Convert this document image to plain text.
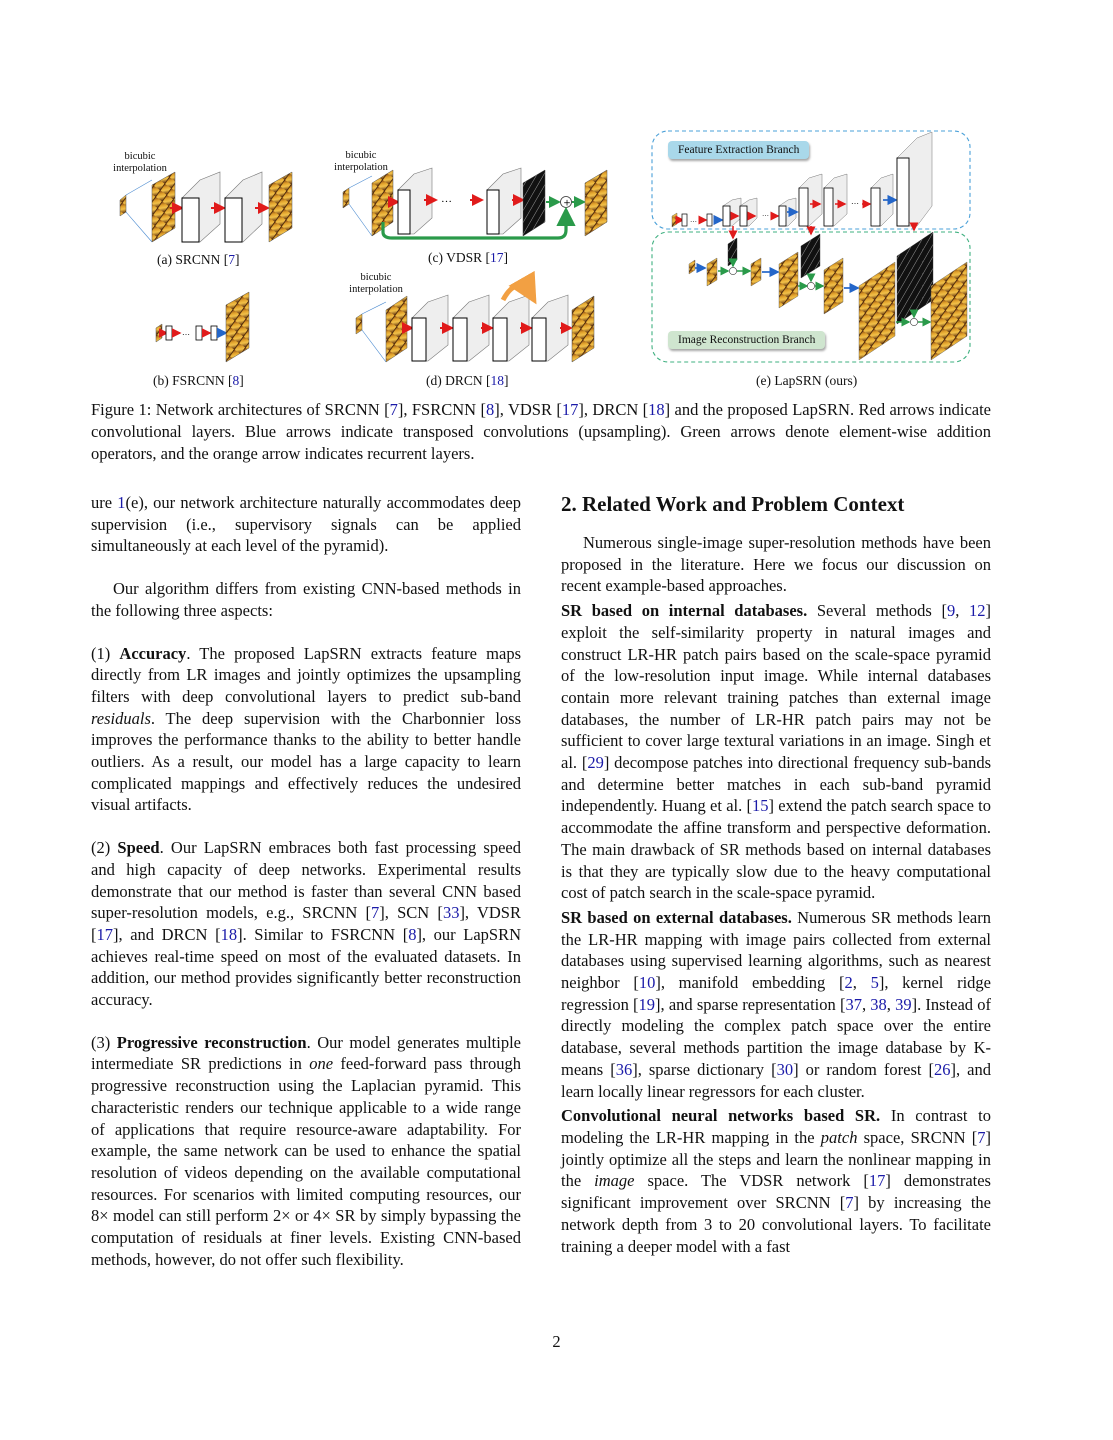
…
…	+
…
…
…
bicubic
interpolation
bicubic
interpolation
bicubic
interpolation
Feature Extraction Branch
Image Reconstruction Branch
(a) SRCNN [7]	(c) VDSR [17]
(b) FSRCNN [8]	(d) DRCN [18]	(e) LapSRN (ours)
Figure 1: Network architectures of SRCNN [7], FSRCNN [8], VDSR [17], DRCN [18] and the proposed LapSRN. Red arrows indicate convolutional layers. Blue arrows indicate transposed convolutions (upsampling). Green arrows denote element-wise addition operators, and the orange arrow indicates recurrent layers.

ure 1(e), our network architecture naturally accommodates deep supervision (i.e., supervisory signals can be applied simultaneously at each level of the pyramid).

Our algorithm differs from existing CNN-based methods in the following three aspects:

(1) Accuracy. The proposed LapSRN extracts feature maps directly from LR images and jointly optimizes the upsampling filters with deep convolutional layers to predict sub-band residuals. The deep supervision with the Charbonnier loss improves the performance thanks to the ability to better handle outliers. As a result, our model has a large capacity to learn complicated mappings and effectively reduces the undesired visual artifacts.

(2) Speed. Our LapSRN embraces both fast processing speed and high capacity of deep networks. Experimental results demonstrate that our method is faster than several CNN based super-resolution models, e.g., SRCNN [7], SCN [33], VDSR [17], and DRCN [18]. Similar to FSRCNN [8], our LapSRN achieves real-time speed on most of the evaluated datasets. In addition, our method provides significantly better reconstruction accuracy.

(3) Progressive reconstruction. Our model generates multiple intermediate SR predictions in one feed-forward pass through progressive reconstruction using the Laplacian pyramid. This characteristic renders our technique applicable to a wide range of applications that require resource-aware adaptability. For example, the same network can be used to enhance the spatial resolution of videos depending on the available computational resources. For scenarios with limited computing resources, our 8× model can still perform 2× or 4× SR by simply bypassing the computation of residuals at finer levels. Existing CNN-based methods, however, do not offer such flexibility.

2. Related Work and Problem Context

Numerous single-image super-resolution methods have been proposed in the literature. Here we focus our discussion on recent example-based approaches.

SR based on internal databases. Several methods [9, 12] exploit the self-similarity property in natural images and construct LR-HR patch pairs based on the scale-space pyramid of the low-resolution input image. While internal databases contain more relevant training patches than external image databases, the number of LR-HR patch pairs may not be sufficient to cover large textural variations in an image. Singh et al. [29] decompose patches into directional frequency sub-bands and determine better matches in each sub-band pyramid independently. Huang et al. [15] extend the patch search space to accommodate the affine transform and perspective deformation. The main drawback of SR methods based on internal databases is that they are typically slow due to the heavy computational cost of patch search in the scale-space pyramid.

SR based on external databases. Numerous SR methods learn the LR-HR mapping with image pairs collected from external databases using supervised learning algorithms, such as nearest neighbor [10], manifold embedding [2, 5], kernel ridge regression [19], and sparse representation [37, 38, 39]. Instead of directly modeling the complex patch space over the entire database, several methods partition the image database by K-means [36], sparse dictionary [30] or random forest [26], and learn locally linear regressors for each cluster.

Convolutional neural networks based SR. In contrast to modeling the LR-HR mapping in the patch space, SRCNN [7] jointly optimize all the steps and learn the nonlinear mapping in the image space. The VDSR network [17] demonstrates significant improvement over SRCNN [7] by increasing the network depth from 3 to 20 convolutional layers. To facilitate training a deeper model with a fast

2
